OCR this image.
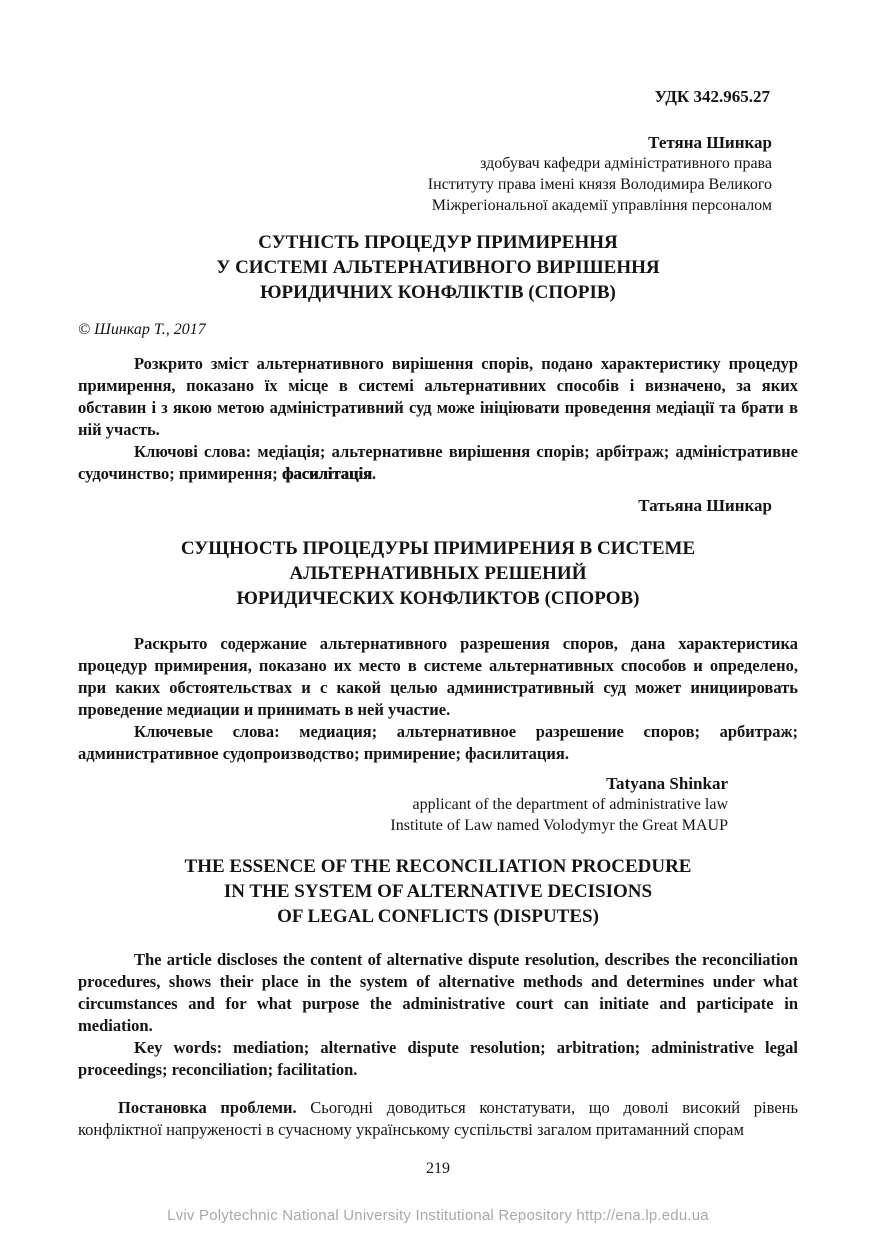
УДК 342.965.27

Тетяна Шинкар
здобувач кафедри адміністративного права
Інституту права імені князя Володимира Великого
Міжрегіональної академії управління персоналом
СУТНІСТЬ ПРОЦЕДУР ПРИМИРЕННЯ
У СИСТЕМІ АЛЬТЕРНАТИВНОГО ВИРІШЕННЯ
ЮРИДИЧНИХ КОНФЛІКТІВ (СПОРІВ)

© Шинкар Т., 2017

Розкрито зміст альтернативного вирішення спорів, подано характеристику процедур примирення, показано їх місце в системі альтернативних способів і визначено, за яких обставин і з якою метою адміністративний суд може ініціювати проведення медіації та брати в ній участь.

Ключові слова: медіація; альтернативне вирішення спорів; арбітраж; адміністративне судочинство; примирення; фасилітація.

Татьяна Шинкар

СУЩНОСТЬ ПРОЦЕДУРЫ ПРИМИРЕНИЯ В СИСТЕМЕ
АЛЬТЕРНАТИВНЫХ РЕШЕНИЙ
ЮРИДИЧЕСКИХ КОНФЛИКТОВ (СПОРОВ)

Раскрыто содержание альтернативного разрешения споров, дана характеристика процедур примирения, показано их место в системе альтернативных способов и определено, при каких обстоятельствах и с какой целью административный суд может инициировать проведение медиации и принимать в ней участие.

Ключевые слова: медиация; альтернативное разрешение споров; арбитраж; административное судопроизводство; примирение; фасилитация.

Tatyana Shinkar
applicant of the department of administrative law
Institute of Law named Volodymyr the Great MAUP
THE ESSENCE OF THE RECONCILIATION PROCEDURE
IN THE SYSTEM OF ALTERNATIVE DECISIONS
OF LEGAL CONFLICTS (DISPUTES)

The article discloses the content of alternative dispute resolution, describes the reconciliation procedures, shows their place in the system of alternative methods and determines under what circumstances and for what purpose the administrative court can initiate and participate in mediation.

Key words: mediation; alternative dispute resolution; arbitration; administrative legal proceedings; reconciliation; facilitation.

Постановка проблеми. Сьогодні доводиться констатувати, що доволі високий рівень конфліктної напруженості в сучасному українському суспільстві загалом притаманний спорам

219
Lviv Polytechnic National University Institutional Repository http://ena.lp.edu.ua
